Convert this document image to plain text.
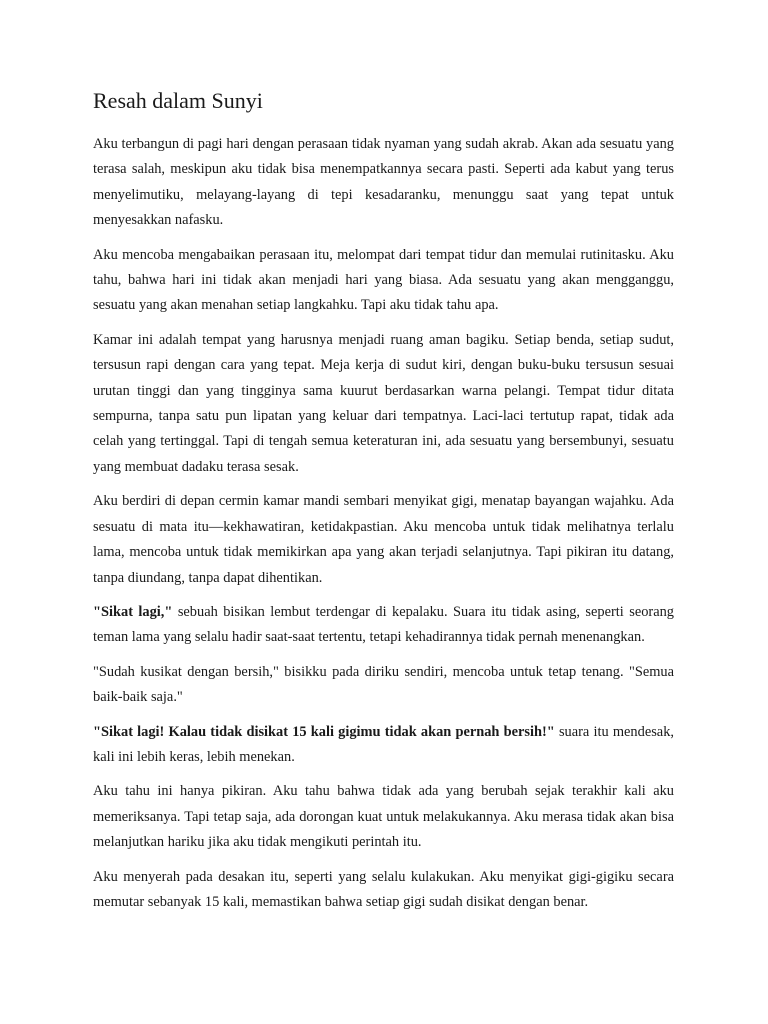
Resah dalam Sunyi

Aku terbangun di pagi hari dengan perasaan tidak nyaman yang sudah akrab. Akan ada sesuatu yang terasa salah, meskipun aku tidak bisa menempatkannya secara pasti. Seperti ada kabut yang terus menyelimutiku, melayang-layang di tepi kesadaranku, menunggu saat yang tepat untuk menyesakkan nafasku.

Aku mencoba mengabaikan perasaan itu, melompat dari tempat tidur dan memulai rutinitasku. Aku tahu, bahwa hari ini tidak akan menjadi hari yang biasa. Ada sesuatu yang akan mengganggu, sesuatu yang akan menahan setiap langkahku. Tapi aku tidak tahu apa.

Kamar ini adalah tempat yang harusnya menjadi ruang aman bagiku. Setiap benda, setiap sudut, tersusun rapi dengan cara yang tepat. Meja kerja di sudut kiri, dengan buku-buku tersusun sesuai urutan tinggi dan yang tingginya sama kuurut berdasarkan warna pelangi. Tempat tidur ditata sempurna, tanpa satu pun lipatan yang keluar dari tempatnya. Laci-laci tertutup rapat, tidak ada celah yang tertinggal. Tapi di tengah semua keteraturan ini, ada sesuatu yang bersembunyi, sesuatu yang membuat dadaku terasa sesak.

Aku berdiri di depan cermin kamar mandi sembari menyikat gigi, menatap bayangan wajahku. Ada sesuatu di mata itu—kekhawatiran, ketidakpastian. Aku mencoba untuk tidak melihatnya terlalu lama, mencoba untuk tidak memikirkan apa yang akan terjadi selanjutnya. Tapi pikiran itu datang, tanpa diundang, tanpa dapat dihentikan.

"Sikat lagi," sebuah bisikan lembut terdengar di kepalaku. Suara itu tidak asing, seperti seorang teman lama yang selalu hadir saat-saat tertentu, tetapi kehadirannya tidak pernah menenangkan.

"Sudah kusikat dengan bersih," bisikku pada diriku sendiri, mencoba untuk tetap tenang. "Semua baik-baik saja."

"Sikat lagi! Kalau tidak disikat 15 kali gigimu tidak akan pernah bersih!" suara itu mendesak, kali ini lebih keras, lebih menekan.

Aku tahu ini hanya pikiran. Aku tahu bahwa tidak ada yang berubah sejak terakhir kali aku memeriksanya. Tapi tetap saja, ada dorongan kuat untuk melakukannya. Aku merasa tidak akan bisa melanjutkan hariku jika aku tidak mengikuti perintah itu.

Aku menyerah pada desakan itu, seperti yang selalu kulakukan. Aku menyikat gigi-gigiku secara memutar sebanyak 15 kali, memastikan bahwa setiap gigi sudah disikat dengan benar.
